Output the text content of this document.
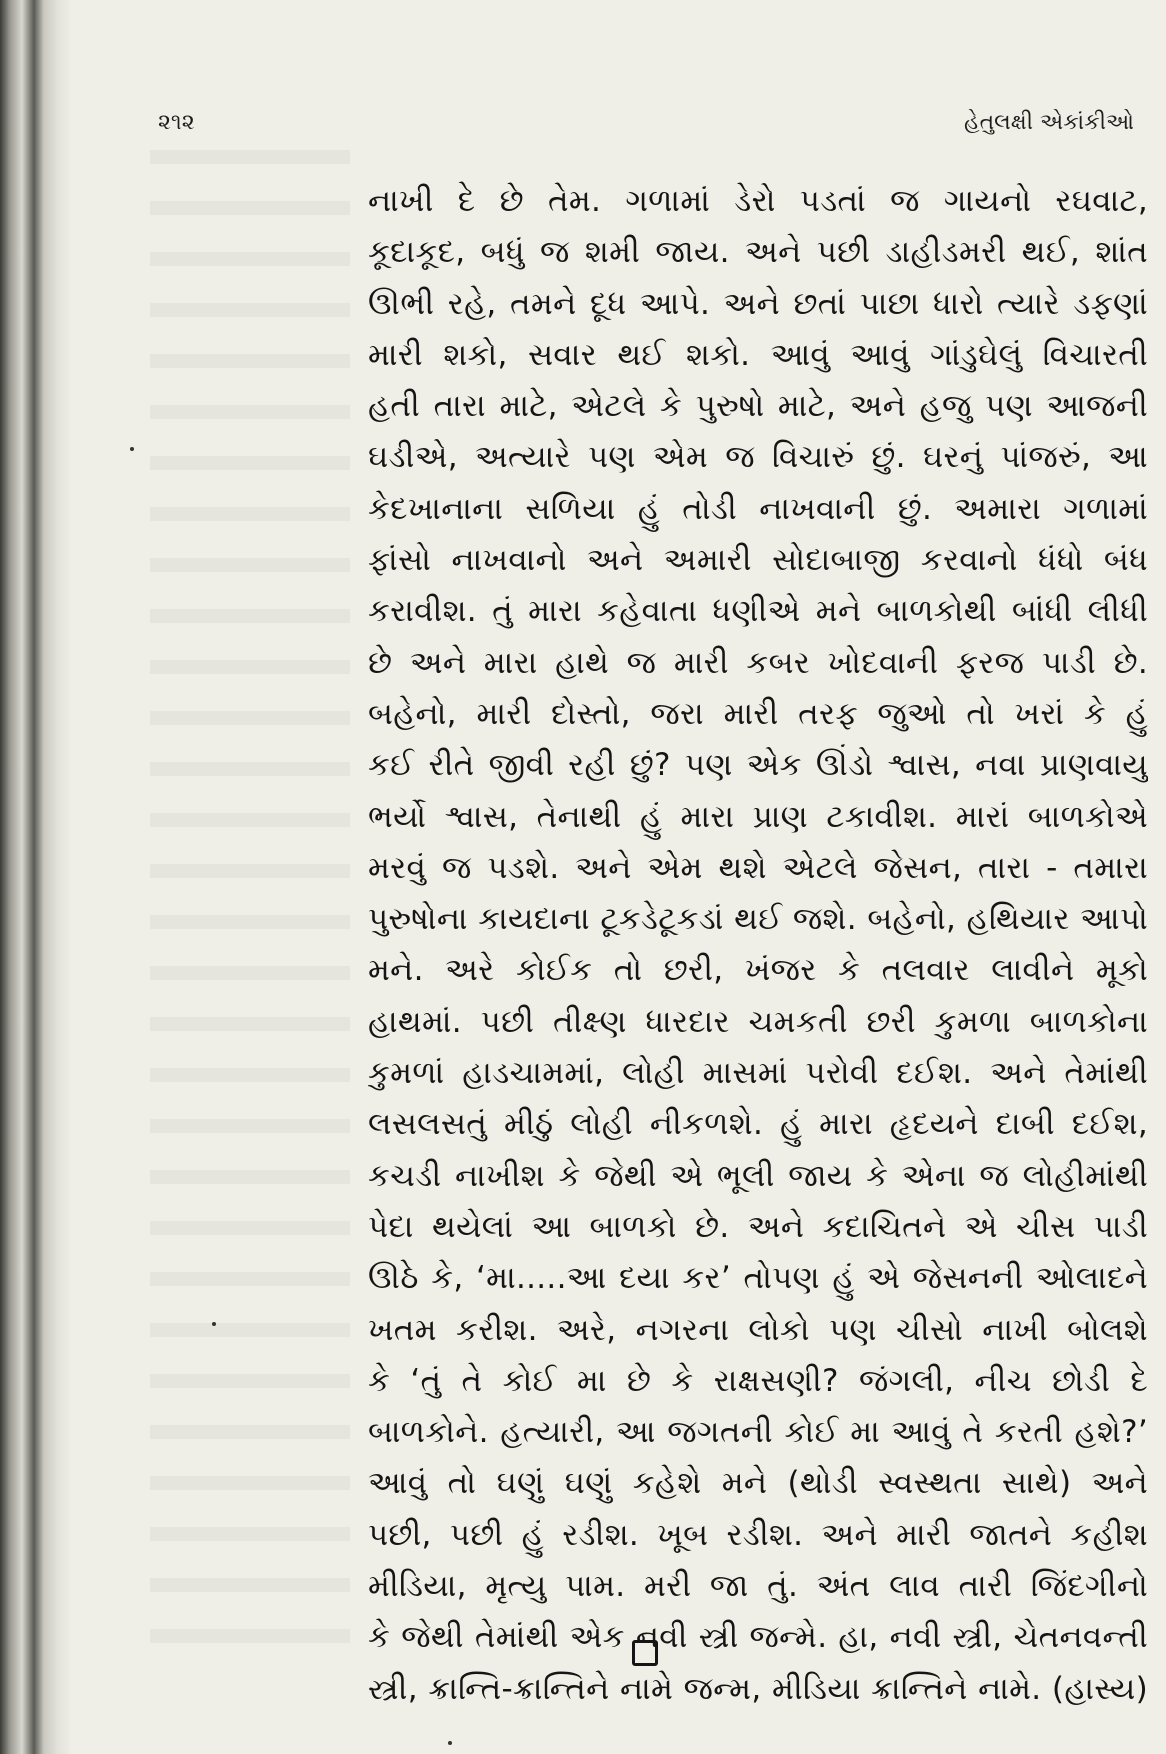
૨૧૨	હેતુલક્ષી એકાંકીઓ
નાખી દે છે તેમ. ગળામાં ડેરો પડતાં જ ગાયનો રઘવાટ,
કૂદાકૂદ, બધું જ શમી જાય. અને પછી ડાહીડમરી થઈ, શાંત
ઊભી રહે, તમને દૂધ આપે. અને છતાં પાછા ધારો ત્યારે ડફણાં
મારી શકો, સવાર થઈ શકો. આવું આવું ગાંડુઘેલું વિચારતી
હતી તારા માટે, એટલે કે પુરુષો માટે, અને હજુ પણ આજની
ઘડીએ, અત્યારે પણ એમ જ વિચારું છું. ઘરનું પાંજરું, આ
કેદખાનાના સળિયા હું તોડી નાખવાની છું. અમારા ગળામાં
ફાંસો નાખવાનો અને અમારી સોદાબાજી કરવાનો ધંધો બંધ
કરાવીશ. તું મારા કહેવાતા ધણીએ મને બાળકોથી બાંધી લીધી
છે અને મારા હાથે જ મારી કબર ખોદવાની ફરજ પાડી છે.
બહેનો, મારી દોસ્તો, જરા મારી તરફ જુઓ તો ખરાં કે હું
કઈ રીતે જીવી રહી છું? પણ એક ઊંડો શ્વાસ, નવા પ્રાણવાયુ
ભર્યો શ્વાસ, તેનાથી હું મારા પ્રાણ ટકાવીશ. મારાં બાળકોએ
મરવું જ પડશે. અને એમ થશે એટલે જેસન, તારા - તમારા
પુરુષોના કાયદાના ટૂકડેટૂકડાં થઈ જશે. બહેનો, હથિયાર આપો
મને. અરે કોઈક તો છરી, ખંજર કે તલવાર લાવીને મૂકો
હાથમાં. પછી તીક્ષ્ણ ધારદાર ચમકતી છરી કુમળા બાળકોના
કુમળાં હાડચામમાં, લોહી માસમાં પરોવી દઈશ. અને તેમાંથી
લસલસતું મીઠું લોહી નીકળશે. હું મારા હૃદયને દાબી દઈશ,
કચડી નાખીશ કે જેથી એ ભૂલી જાય કે એના જ લોહીમાંથી
પેદા થયેલાં આ બાળકો છે. અને કદાચિતને એ ચીસ પાડી
ઊઠે કે, ‘મા.....આ દયા કર’ તોપણ હું એ જેસનની ઓલાદને
ખતમ કરીશ. અરે, નગરના લોકો પણ ચીસો નાખી બોલશે
કે ‘તું તે કોઈ મા છે કે રાક્ષસણી? જંગલી, નીચ છોડી દે
બાળકોને. હત્યારી, આ જગતની કોઈ મા આવું તે કરતી હશે?’
આવું તો ઘણું ઘણું કહેશે મને (થોડી સ્વસ્થતા સાથે) અને
પછી, પછી હું રડીશ. ખૂબ રડીશ. અને મારી જાતને કહીશ
મીડિયા, મૃત્યુ પામ. મરી જા તું. અંત લાવ તારી જિંદગીનો
કે જેથી તેમાંથી એક નવી સ્ત્રી જન્મે. હા, નવી સ્ત્રી, ચેતનવન્તી
સ્ત્રી, ક્રાન્તિ-ક્રાન્તિને નામે જન્મ, મીડિયા ક્રાન્તિને નામે. (હાસ્ય)
